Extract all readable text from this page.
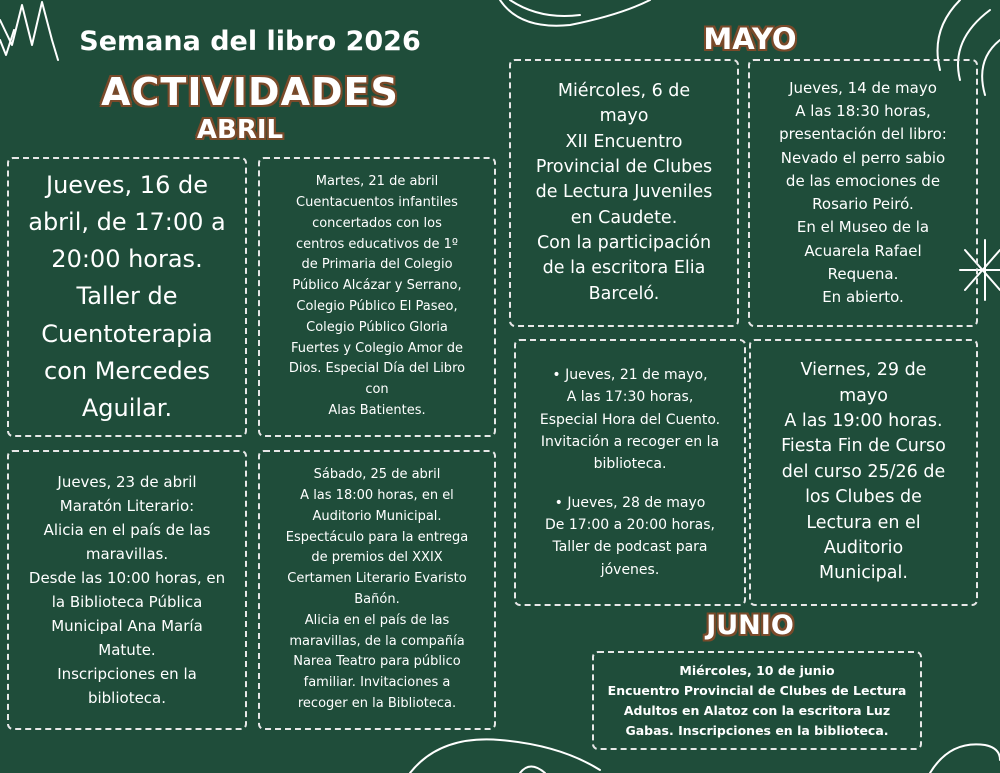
Semana del libro 2026
ACTIVIDADES
ABRIL
MAYO
JUNIO
Jueves, 16 de
abril, de 17:00 a
20:00 horas.
Taller de
Cuentoterapia
con Mercedes
Aguilar.
Martes, 21 de abril
Cuentacuentos infantiles
concertados con los
centros educativos de 1º
de Primaria del Colegio
Público Alcázar y Serrano,
Colegio Público El Paseo,
Colegio Público Gloria
Fuertes y Colegio Amor de
Dios. Especial Día del Libro
con
Alas Batientes.
Jueves, 23 de abril
Maratón Literario:
Alicia en el país de las
maravillas.
Desde las 10:00 horas, en
la Biblioteca Pública
Municipal Ana María
Matute.
Inscripciones en la
biblioteca.
Sábado, 25 de abril
A las 18:00 horas, en el
Auditorio Municipal.
Espectáculo para la entrega
de premios del XXIX
Certamen Literario Evaristo
Bañón.
Alicia en el país de las
maravillas, de la compañía
Narea Teatro para público
familiar. Invitaciones a
recoger en la Biblioteca.
Miércoles, 6 de
mayo
XII Encuentro
Provincial de Clubes
de Lectura Juveniles
en Caudete.
Con la participación
de la escritora Elia
Barceló.
Jueves, 14 de mayo
A las 18:30 horas,
presentación del libro:
Nevado el perro sabio
de las emociones de
Rosario Peiró.
En el Museo de la
Acuarela Rafael
Requena.
En abierto.
• Jueves, 21 de mayo,
A las 17:30 horas,
Especial Hora del Cuento.
Invitación a recoger en la
biblioteca.
• Jueves, 28 de mayo
De 17:00 a 20:00 horas,
Taller de podcast para
jóvenes.
Viernes, 29 de
mayo
A las 19:00 horas.
Fiesta Fin de Curso
del curso 25/26 de
los Clubes de
Lectura en el
Auditorio
Municipal.
Miércoles, 10 de junio
Encuentro Provincial de Clubes de Lectura
Adultos en Alatoz con la escritora Luz
Gabas. Inscripciones en la biblioteca.
